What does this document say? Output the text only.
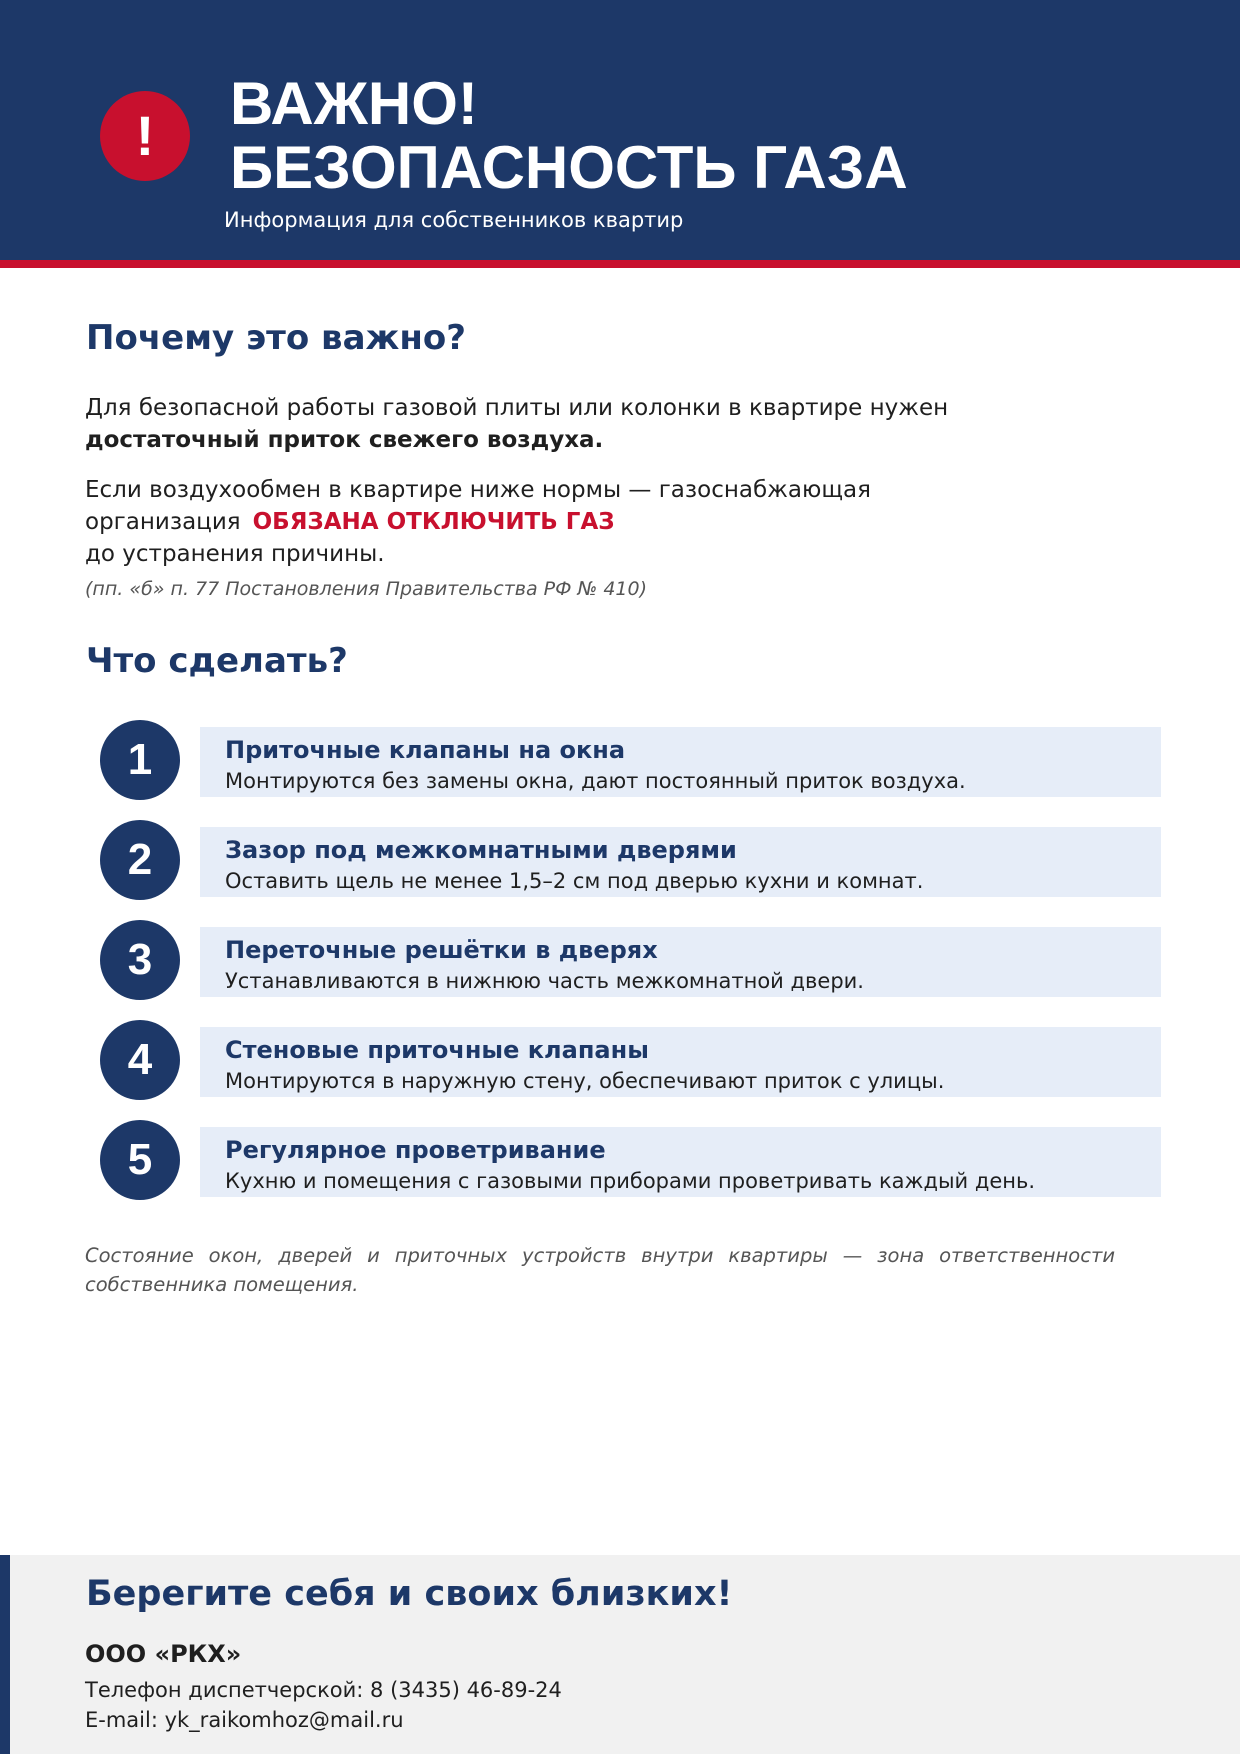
!	ВАЖНО!
БЕЗОПАСНОСТЬ ГАЗА
Информация для собственников квартир
Почему это важно?
Для безопасной работы газовой плиты или колонки в квартире нужен
достаточный приток свежего воздуха.
Если воздухообмен в квартире ниже нормы — газоснабжающая организация ОБЯЗАНА ОТКЛЮЧИТЬ ГАЗ
до устранения причины.
(пп. «б» п. 77 Постановления Правительства РФ № 410)
Что сделать?
1	Приточные клапаны на окна
Монтируются без замены окна, дают постоянный приток воздуха.
2	Зазор под межкомнатными дверями
Оставить щель не менее 1,5–2 см под дверью кухни и комнат.
3	Переточные решётки в дверях
Устанавливаются в нижнюю часть межкомнатной двери.
4	Стеновые приточные клапаны
Монтируются в наружную стену, обеспечивают приток с улицы.
5	Регулярное проветривание
Кухню и помещения с газовыми приборами проветривать каждый день.
Состояние окон, дверей и приточных устройств внутри квартиры — зона ответственности собственника помещения.
Берегите себя и своих близких!
ООО «РКХ»
Телефон диспетчерской: 8 (3435) 46-89-24
E-mail: yk_raikomhoz@mail.ru
